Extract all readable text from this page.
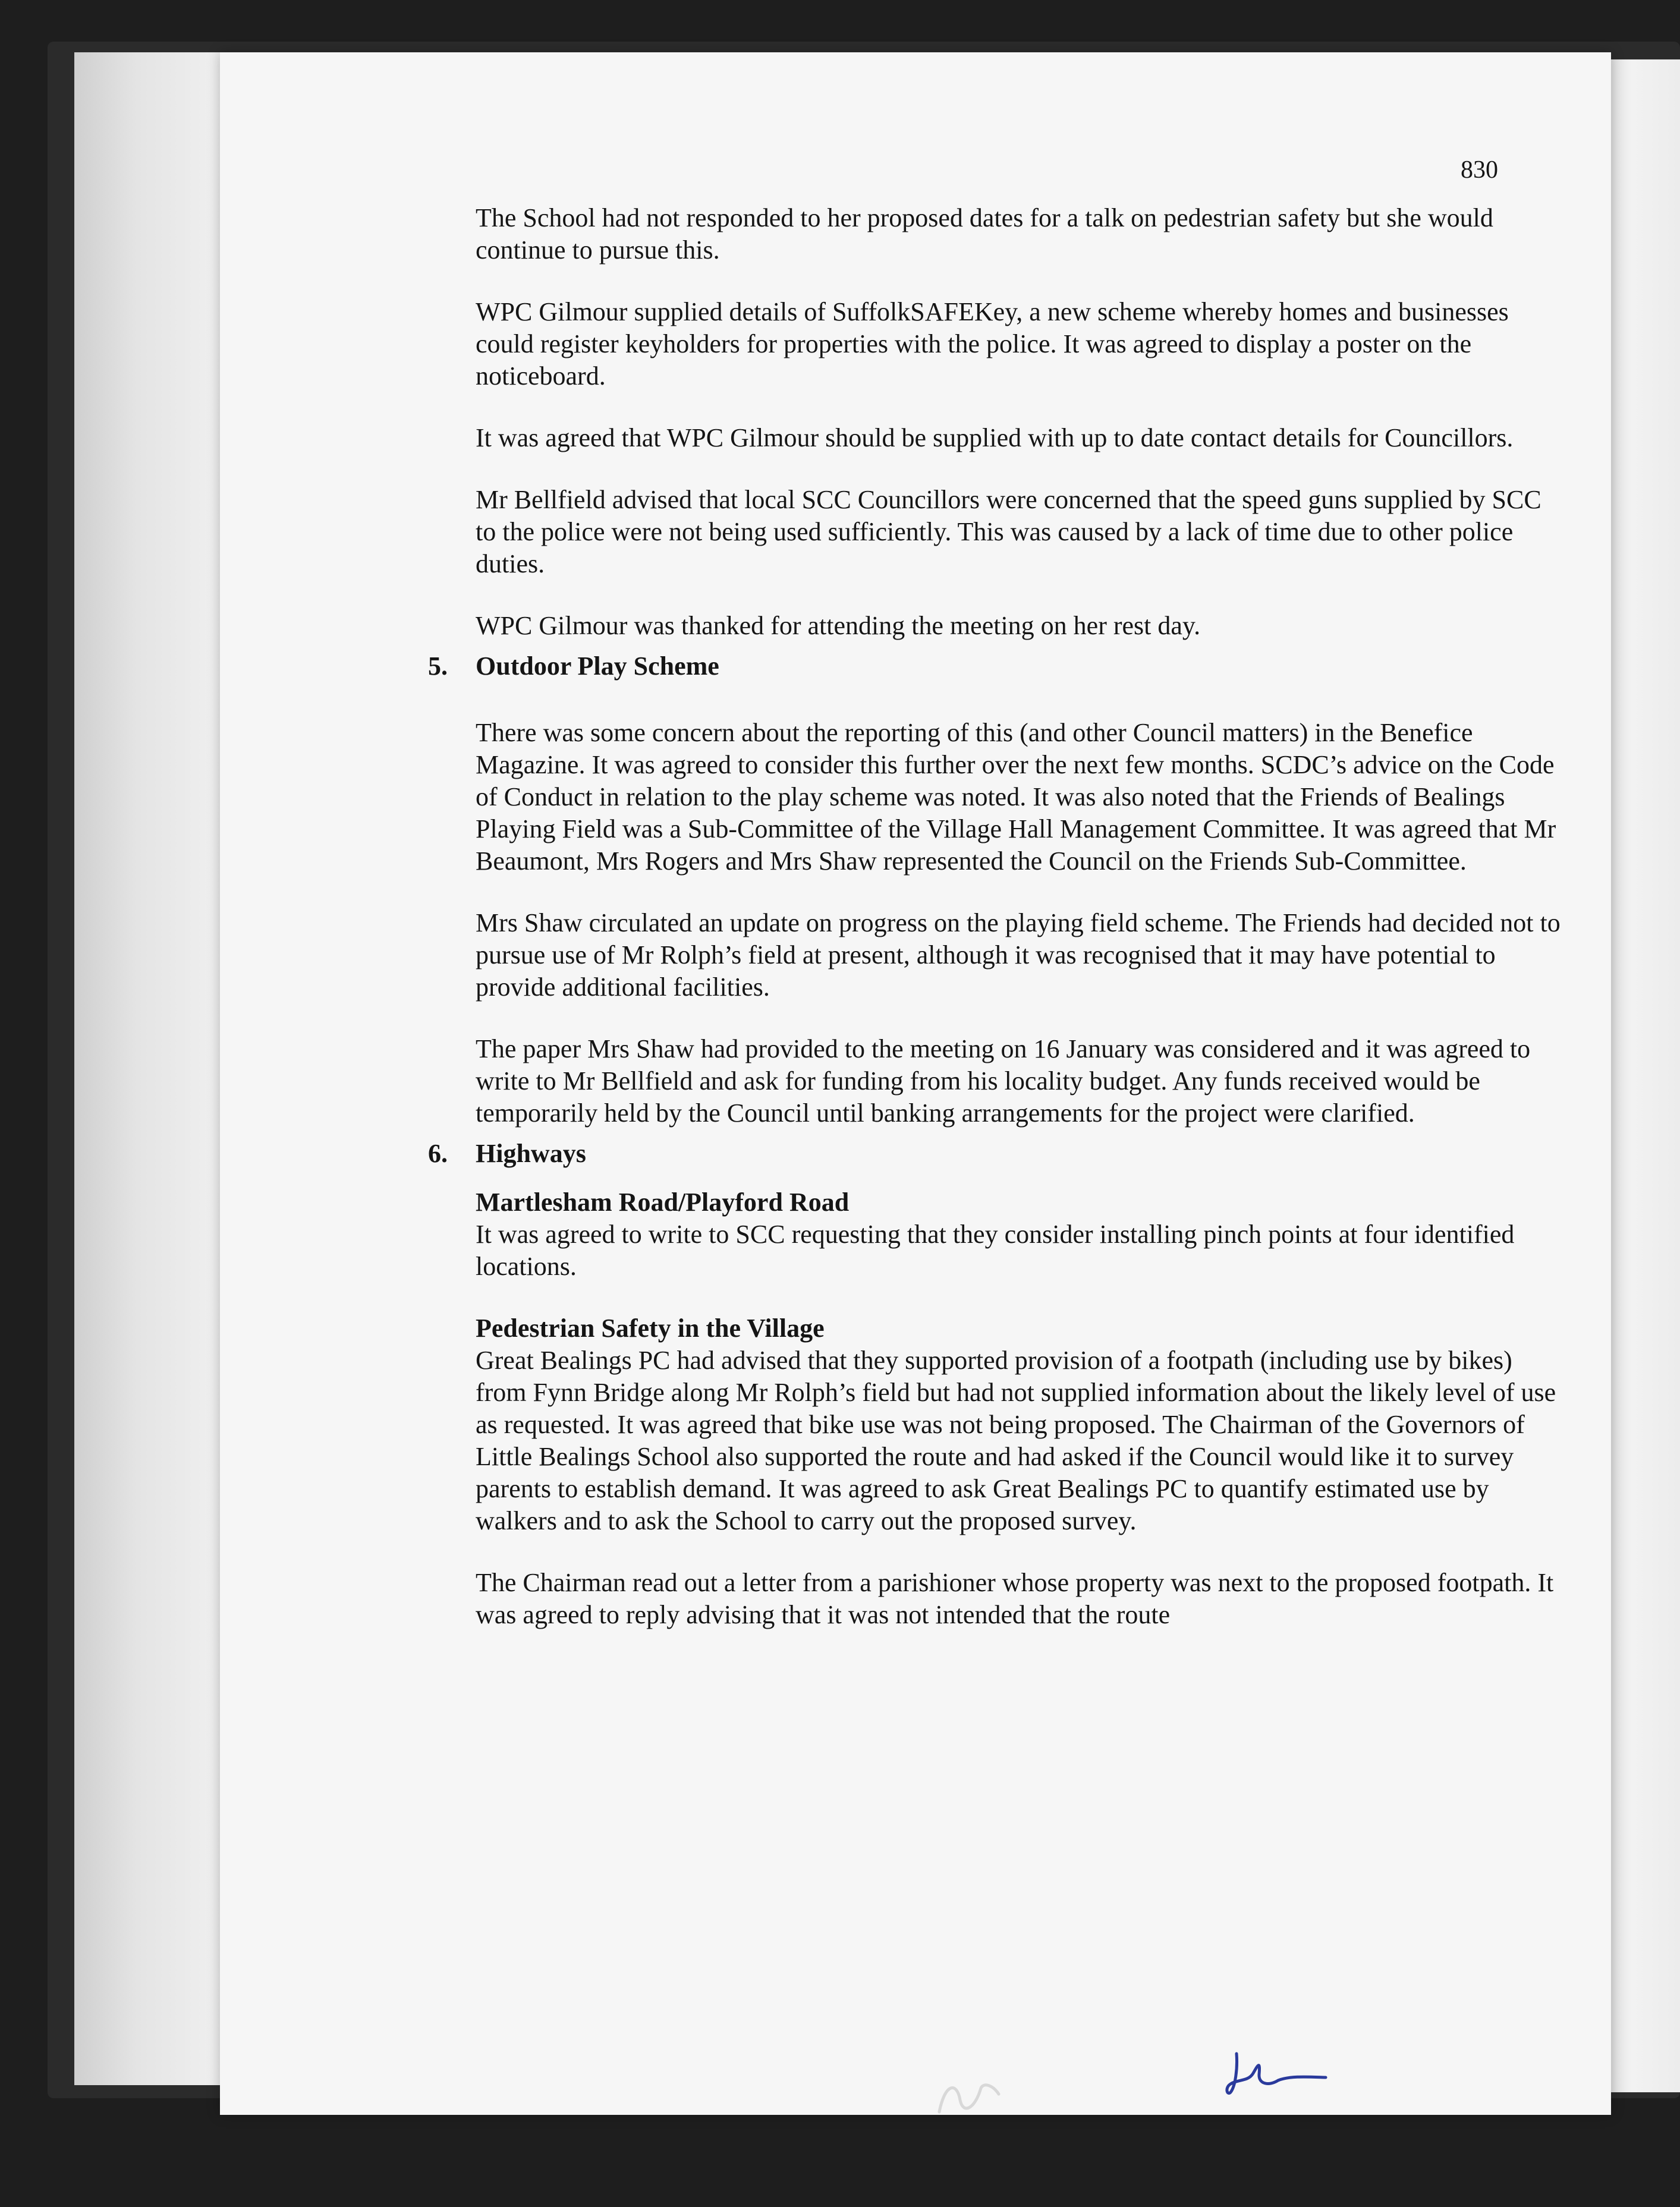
830

The School had not responded to her proposed dates for a talk on pedestrian safety but she would continue to pursue this.

WPC Gilmour supplied details of SuffolkSAFEKey, a new scheme whereby homes and businesses could register keyholders for properties with the police. It was agreed to display a poster on the noticeboard.

It was agreed that WPC Gilmour should be supplied with up to date contact details for Councillors.

Mr Bellfield advised that local SCC Councillors were concerned that the speed guns supplied by SCC to the police were not being used sufficiently. This was caused by a lack of time due to other police duties.

WPC Gilmour was thanked for attending the meeting on her rest day.

5. Outdoor Play Scheme

There was some concern about the reporting of this (and other Council matters) in the Benefice Magazine. It was agreed to consider this further over the next few months. SCDC’s advice on the Code of Conduct in relation to the play scheme was noted. It was also noted that the Friends of Bealings Playing Field was a Sub-Committee of the Village Hall Management Committee. It was agreed that Mr Beaumont, Mrs Rogers and Mrs Shaw represented the Council on the Friends Sub-Committee.

Mrs Shaw circulated an update on progress on the playing field scheme. The Friends had decided not to pursue use of Mr Rolph’s field at present, although it was recognised that it may have potential to provide additional facilities.

The paper Mrs Shaw had provided to the meeting on 16 January was considered and it was agreed to write to Mr Bellfield and ask for funding from his locality budget. Any funds received would be temporarily held by the Council until banking arrangements for the project were clarified.

6. Highways

Martlesham Road/Playford Road

It was agreed to write to SCC requesting that they consider installing pinch points at four identified locations.

Pedestrian Safety in the Village

Great Bealings PC had advised that they supported provision of a footpath (including use by bikes) from Fynn Bridge along Mr Rolph’s field but had not supplied information about the likely level of use as requested. It was agreed that bike use was not being proposed. The Chairman of the Governors of Little Bealings School also supported the route and had asked if the Council would like it to survey parents to establish demand. It was agreed to ask Great Bealings PC to quantify estimated use by walkers and to ask the School to carry out the proposed survey.

The Chairman read out a letter from a parishioner whose property was next to the proposed footpath. It was agreed to reply advising that it was not intended that the route
